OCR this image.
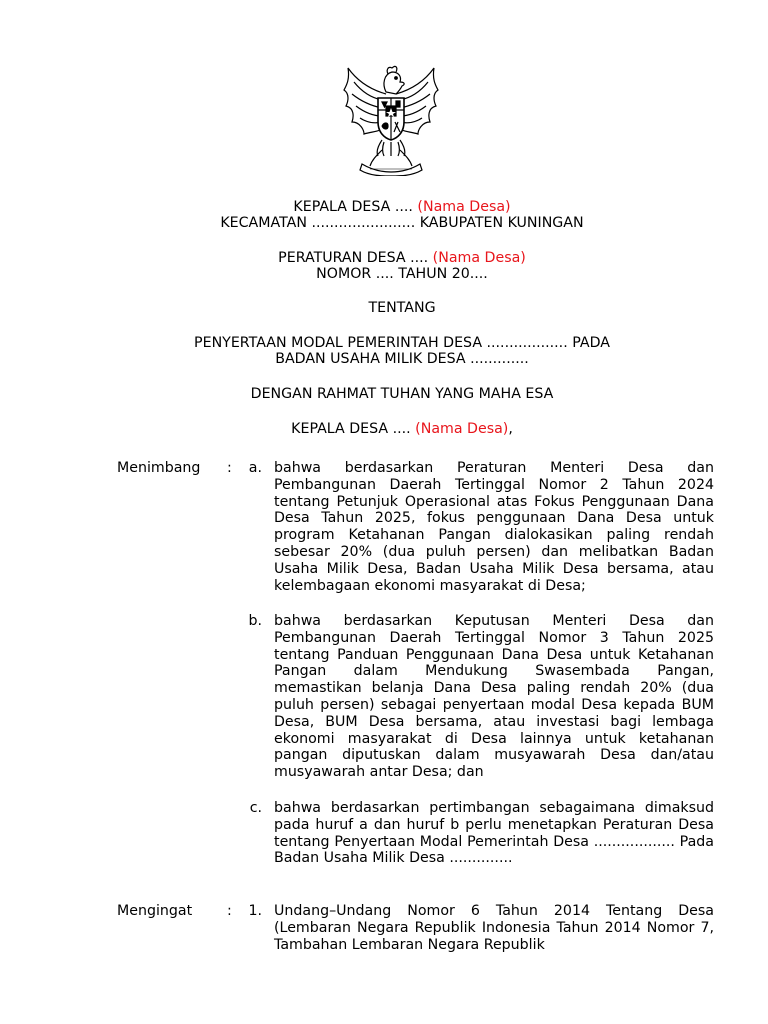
KEPALA DESA .... (Nama Desa)
KECAMATAN ....................... KABUPATEN KUNINGAN
PERATURAN DESA .... (Nama Desa)
NOMOR .... TAHUN 20....
TENTANG
PENYERTAAN MODAL PEMERINTAH DESA .................. PADA
BADAN USAHA MILIK DESA .............
DENGAN RAHMAT TUHAN YANG MAHA ESA
KEPALA DESA .... (Nama Desa),
Menimbang :	a. bahwa berdasarkan Peraturan Menteri Desa dan Pembangunan Daerah Tertinggal Nomor 2 Tahun 2024 tentang Petunjuk Operasional atas Fokus Penggunaan Dana Desa Tahun 2025, fokus penggunaan Dana Desa untuk program Ketahanan Pangan dialokasikan paling rendah sebesar 20% (dua puluh persen) dan melibatkan Badan Usaha Milik Desa, Badan Usaha Milik Desa bersama, atau kelembagaan ekonomi masyarakat di Desa;
b. bahwa berdasarkan Keputusan Menteri Desa dan Pembangunan Daerah Tertinggal Nomor 3 Tahun 2025 tentang Panduan Penggunaan Dana Desa untuk Ketahanan Pangan dalam Mendukung Swasembada Pangan, memastikan belanja Dana Desa paling rendah 20% (dua puluh persen) sebagai penyertaan modal Desa kepada BUM Desa, BUM Desa bersama, atau investasi bagi lembaga ekonomi masyarakat di Desa lainnya untuk ketahanan pangan diputuskan dalam musyawarah Desa dan/atau musyawarah antar Desa; dan
c. bahwa berdasarkan pertimbangan sebagaimana dimaksud pada huruf a dan huruf b perlu menetapkan Peraturan Desa tentang Penyertaan Modal Pemerintah Desa .................. Pada Badan Usaha Milik Desa ..............
Mengingat :	1. Undang–Undang Nomor 6 Tahun 2014 Tentang Desa (Lembaran Negara Republik Indonesia Tahun 2014 Nomor 7, Tambahan Lembaran Negara Republik
